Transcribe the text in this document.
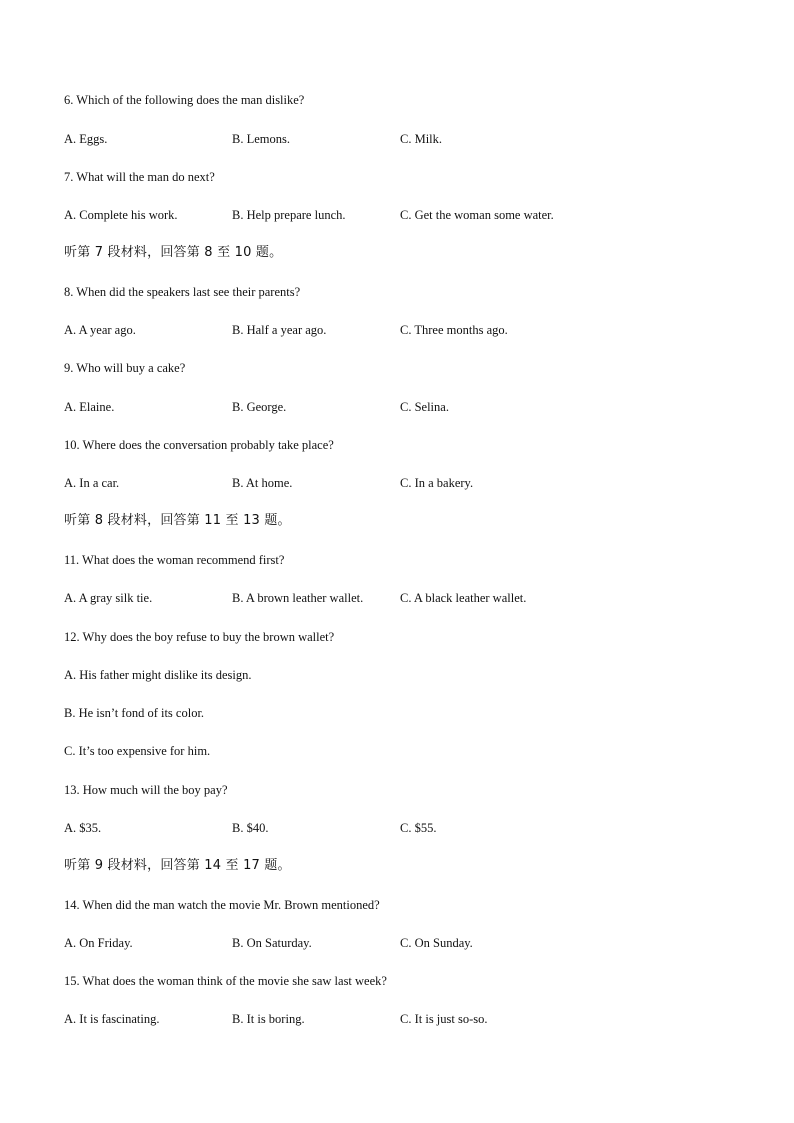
6. Which of the following does the man dislike?
A. Eggs.	B. Lemons.	C. Milk.
7. What will the man do next?
A. Complete his work.	B. Help prepare lunch.	C. Get the woman some water.
听第 7 段材料，回答第 8 至 10 题。
8. When did the speakers last see their parents?
A. A year ago.	B. Half a year ago.	C. Three months ago.
9. Who will buy a cake?
A. Elaine.	B. George.	C. Selina.
10. Where does the conversation probably take place?
A. In a car.	B. At home.	C. In a bakery.
听第 8 段材料，回答第 11 至 13 题。
11. What does the woman recommend first?
A. A gray silk tie.	B. A brown leather wallet.	C. A black leather wallet.
12. Why does the boy refuse to buy the brown wallet?
A. His father might dislike its design.
B. He isn’t fond of its color.
C. It’s too expensive for him.
13. How much will the boy pay?
A. $35.	B. $40.	C. $55.
听第 9 段材料，回答第 14 至 17 题。
14. When did the man watch the movie Mr. Brown mentioned?
A. On Friday.	B. On Saturday.	C. On Sunday.
15. What does the woman think of the movie she saw last week?
A. It is fascinating.	B. It is boring.	C. It is just so-so.
